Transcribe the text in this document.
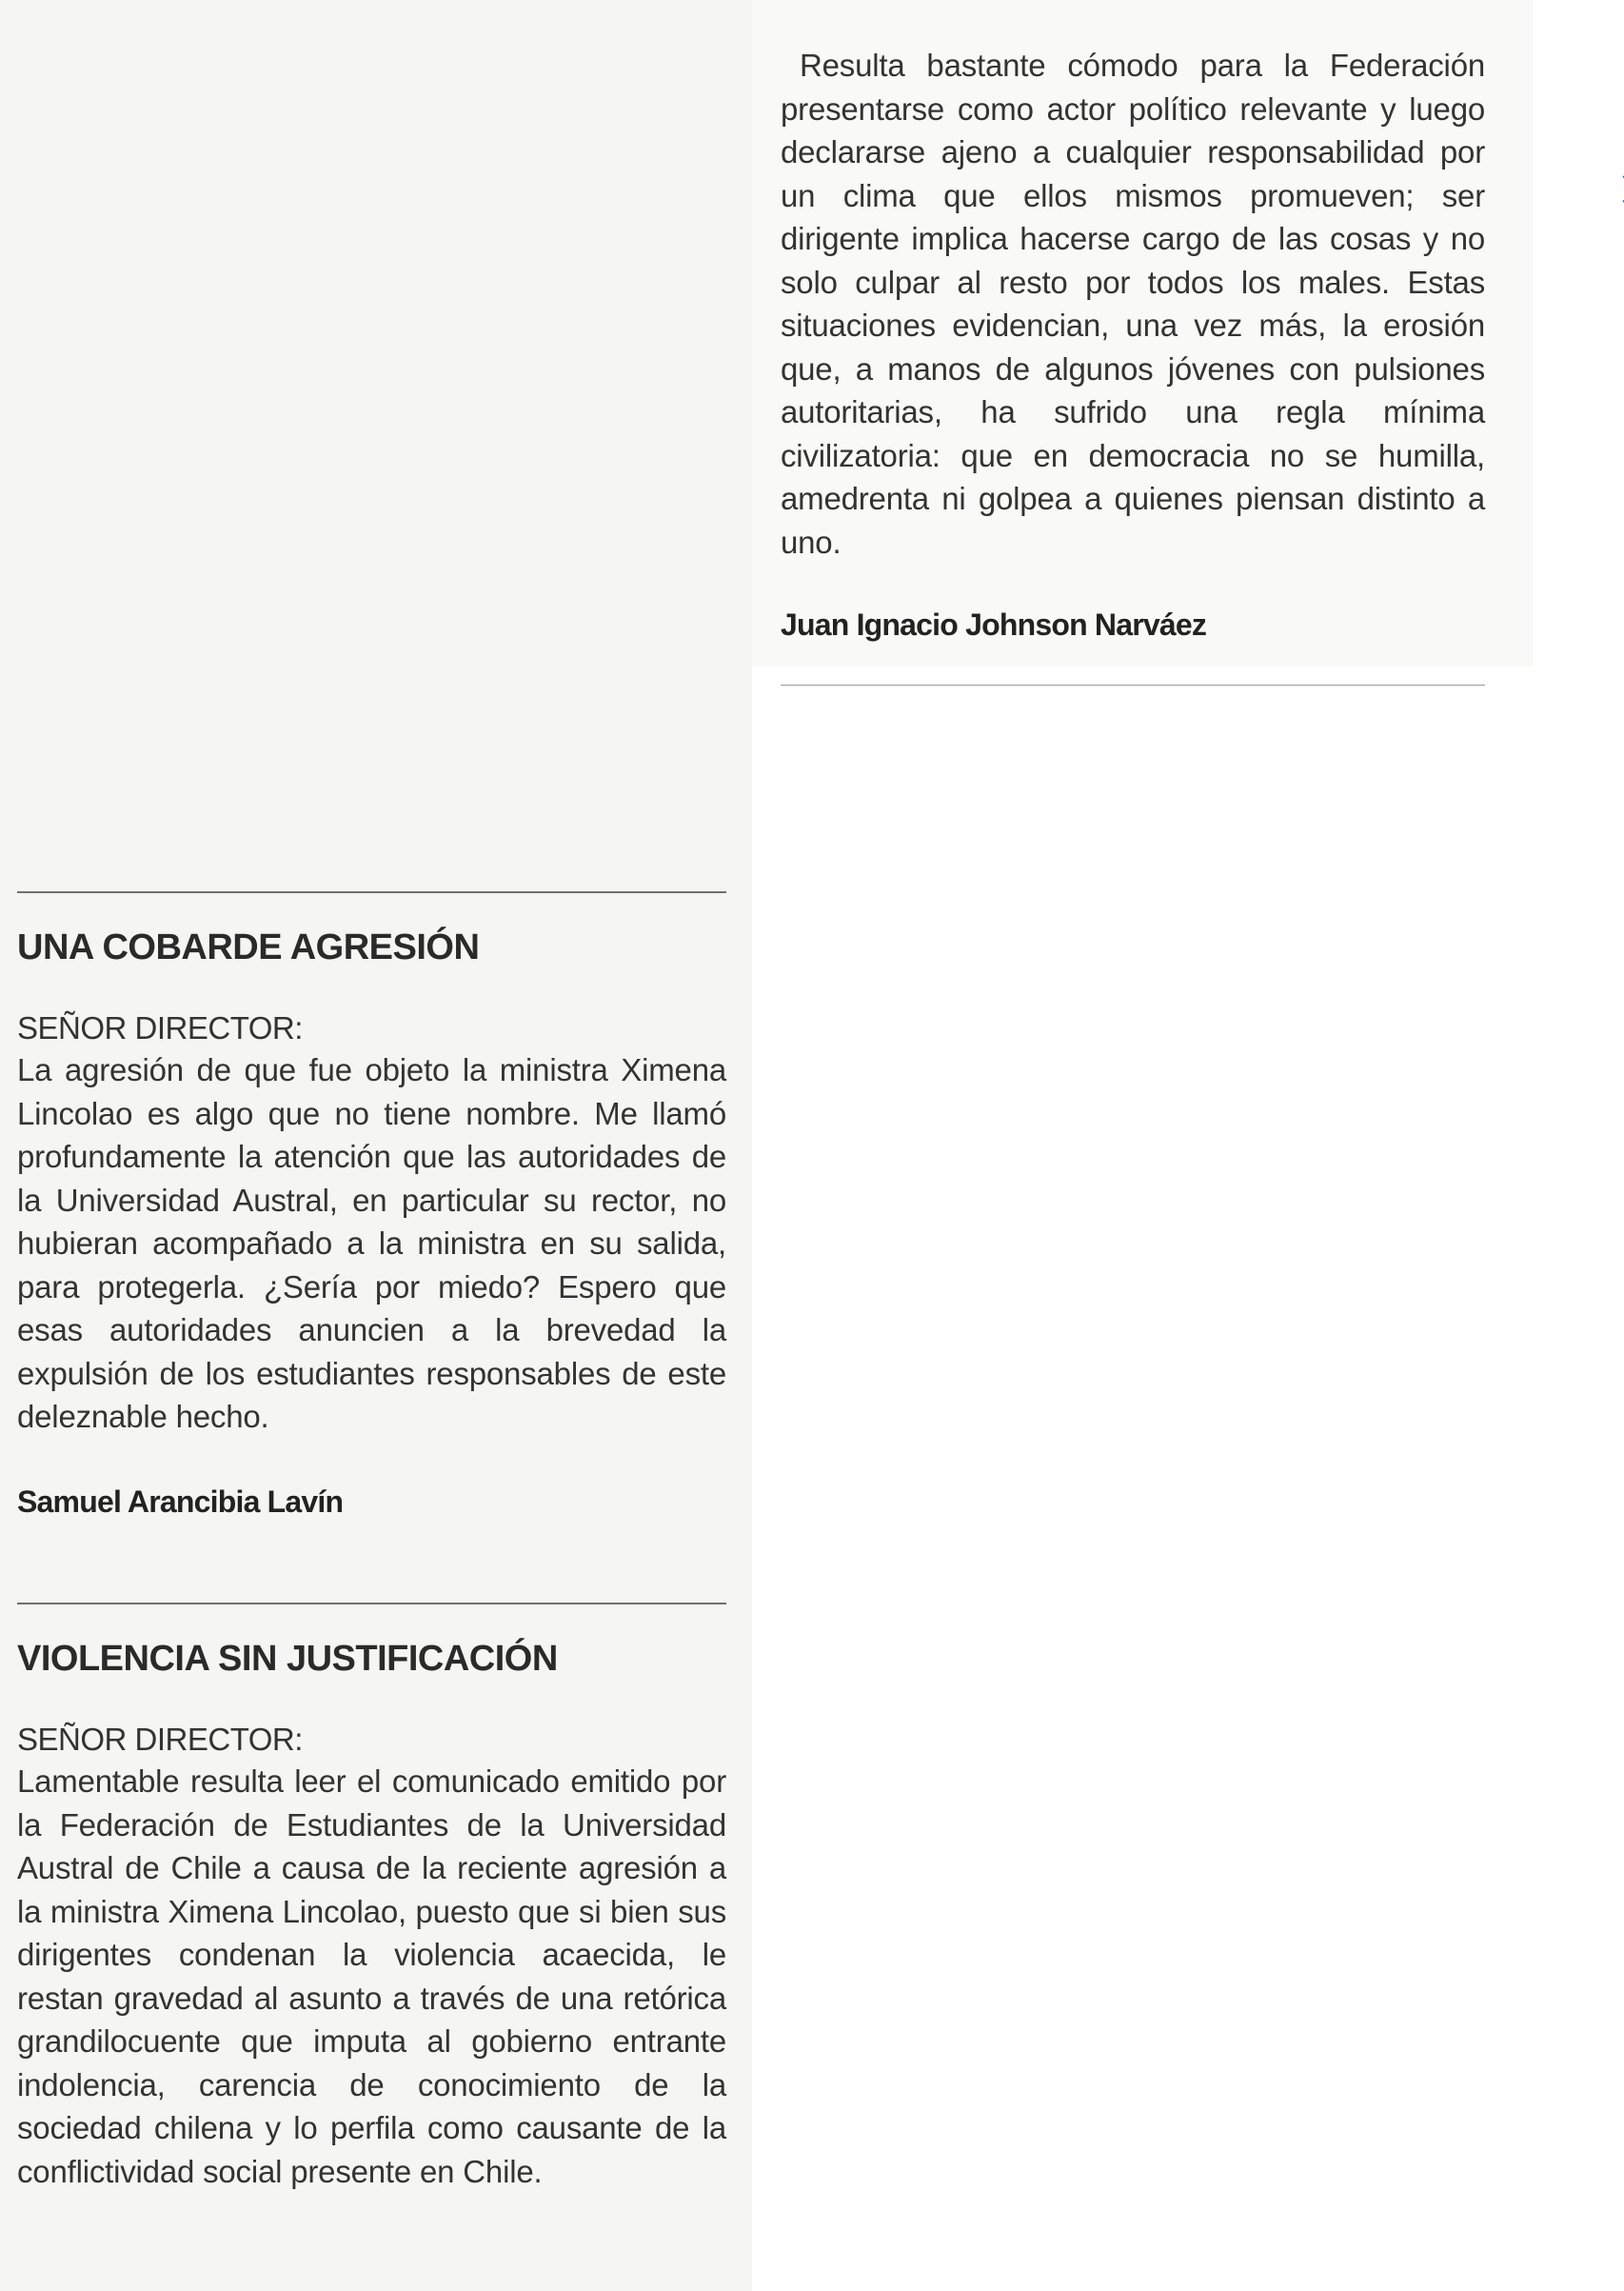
Resulta bastante cómodo para la Federación presentarse como actor político relevante y luego declararse ajeno a cualquier responsabilidad por un clima que ellos mismos promueven; ser dirigente implica hacerse cargo de las cosas y no solo culpar al resto por todos los males. Estas situaciones evidencian, una vez más, la erosión que, a manos de algunos jóvenes con pulsiones autoritarias, ha sufrido una regla mínima civilizatoria: que en democracia no se humilla, amedrenta ni golpea a quienes piensan distinto a uno.

Juan Ignacio Johnson Narváez

UNA COBARDE AGRESIÓN

SEÑOR DIRECTOR:

La agresión de que fue objeto la ministra Ximena Lincolao es algo que no tiene nombre. Me llamó profundamente la atención que las autoridades de la Universidad Austral, en particular su rector, no hubieran acompañado a la ministra en su salida, para protegerla. ¿Sería por miedo? Espero que esas autoridades anuncien a la brevedad la expulsión de los estudiantes responsables de este deleznable hecho.

Samuel Arancibia Lavín

VIOLENCIA SIN JUSTIFICACIÓN

SEÑOR DIRECTOR:

Lamentable resulta leer el comunicado emitido por la Federación de Estudiantes de la Universidad Austral de Chile a causa de la reciente agresión a la ministra Ximena Lincolao, puesto que si bien sus dirigentes condenan la violencia acaecida, le restan gravedad al asunto a través de una retórica grandilocuente que imputa al gobierno entrante indolencia, carencia de conocimiento de la sociedad chilena y lo perfila como causante de la conflictividad social presente en Chile.
